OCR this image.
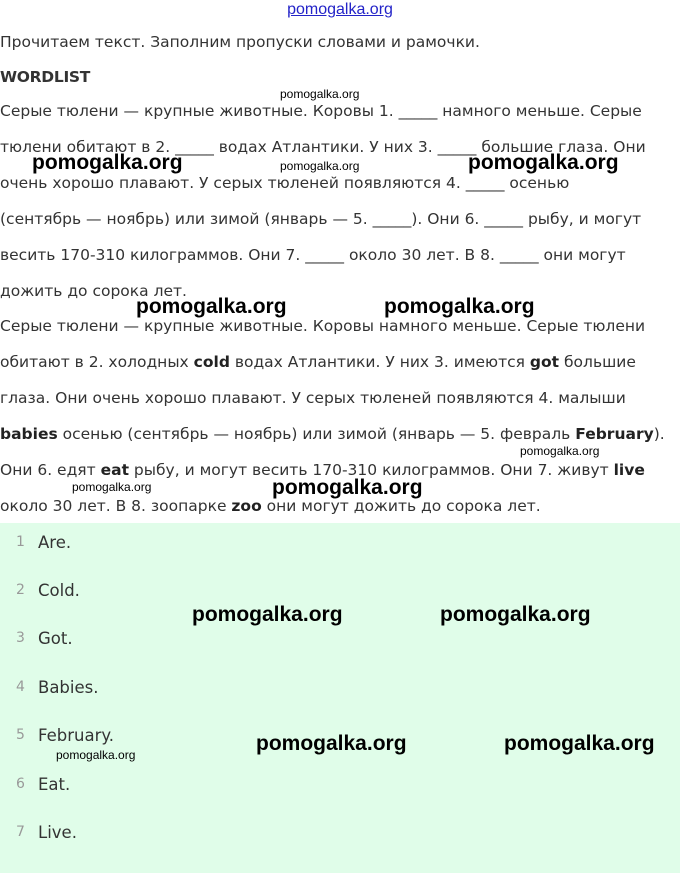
pomogalka.org
Прочитаем текст. Заполним пропуски словами и рамочки.
WORDLIST
Серые тюлени — крупные животные. Коровы 1. _____ намного меньше. Серые
тюлени обитают в 2. _____ водах Атлантики. У них 3. _____ большие глаза. Они
очень хорошо плавают. У серых тюленей появляются 4. _____ осенью
(сентябрь — ноябрь) или зимой (январь — 5. _____). Они 6. _____ рыбу, и могут
весить 170-310 килограммов. Они 7. _____ около 30 лет. В 8. _____ они могут
дожить до сорока лет.
Серые тюлени — крупные животные. Коровы намного меньше. Серые тюлени
обитают в 2. холодных cold водах Атлантики. У них 3. имеются got большие
глаза. Они очень хорошо плавают. У серых тюленей появляются 4. малыши
babies осенью (сентябрь — ноябрь) или зимой (январь — 5. февраль February).
Они 6. едят eat рыбу, и могут весить 170-310 килограммов. Они 7. живут live
около 30 лет. В 8. зоопарке zoo они могут дожить до сорока лет.
1 Are.
2 Cold.
3 Got.
4 Babies.
5 February.
6 Eat.
7 Live.
pomogalka.org
pomogalka.org	pomogalka.org	pomogalka.org
pomogalka.org	pomogalka.org
pomogalka.org
pomogalka.org	pomogalka.org
pomogalka.org	pomogalka.org
pomogalka.org	pomogalka.org
pomogalka.org
